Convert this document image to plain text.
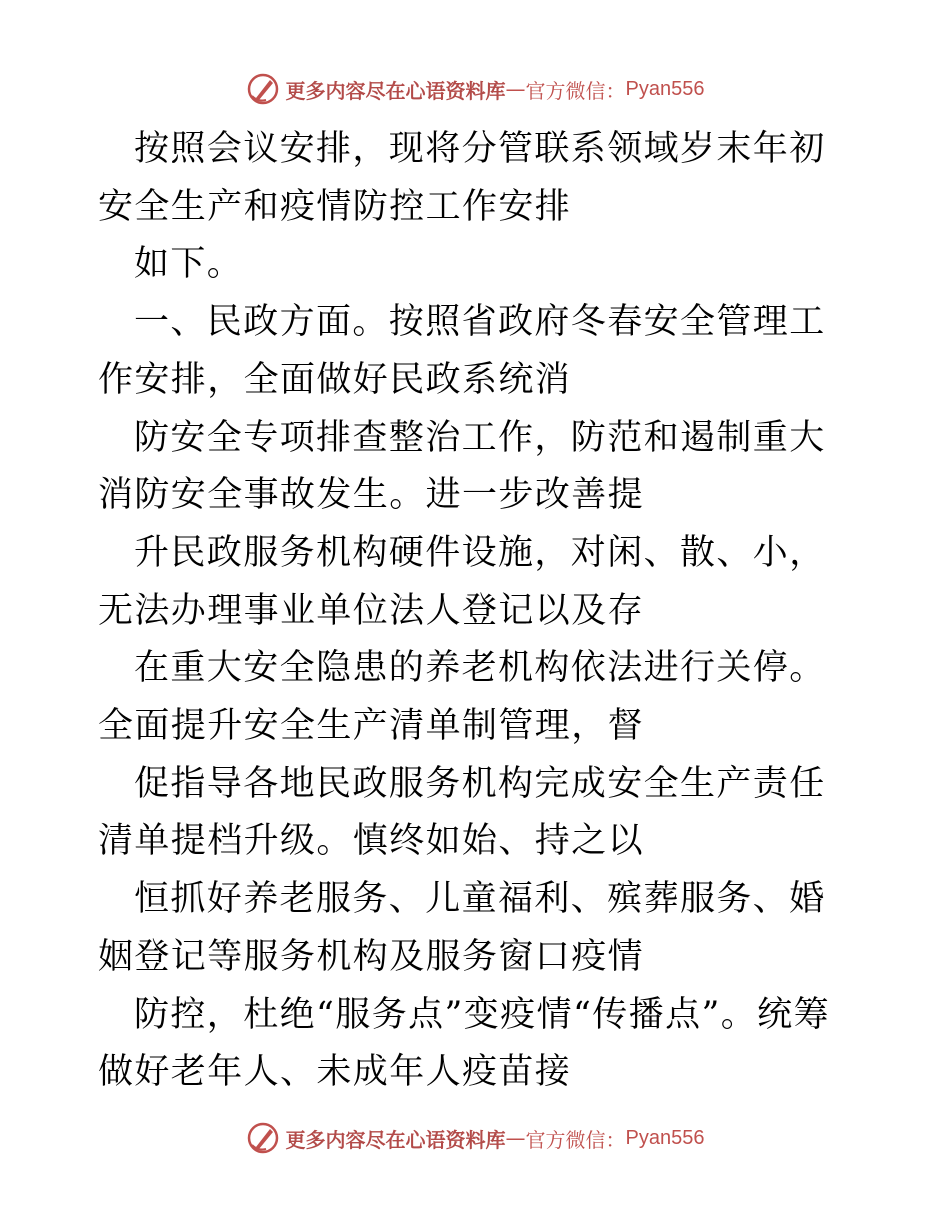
更多内容尽在心语资料库 — 官方微信： Pyan556

按照会议安排，现将分管联系领域岁末年初安全生产和疫情防控工作安排

如下。

一、民政方面。按照省政府冬春安全管理工作安排，全面做好民政系统消

防安全专项排查整治工作，防范和遏制重大消防安全事故发生。进一步改善提

升民政服务机构硬件设施，对闲、散、小，无法办理事业单位法人登记以及存

在重大安全隐患的养老机构依法进行关停。全面提升安全生产清单制管理，督

促指导各地民政服务机构完成安全生产责任清单提档升级。慎终如始、持之以

恒抓好养老服务、儿童福利、殡葬服务、婚姻登记等服务机构及服务窗口疫情

防控，杜绝“服务点”变疫情“传播点”。统筹做好老年人、未成年人疫苗接

更多内容尽在心语资料库 — 官方微信： Pyan556
